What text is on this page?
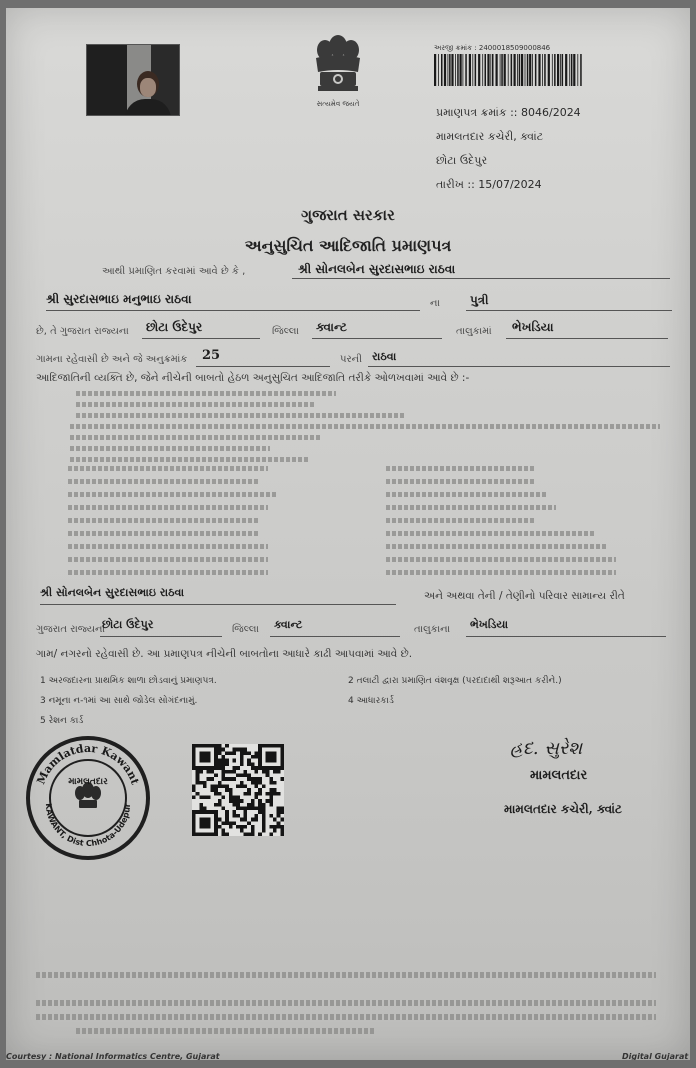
સત્યમેવ જયતે
અરજી ક્રમાંક : 2400018509000846
પ્રમાણપત્ર ક્રમાંક :: 8046/2024
મામલતદાર કચેરી, ક્વાંટ
છોટા ઉદેપુર
તારીખ :: 15/07/2024
ગુજરાત સરકાર
અનુસુચિત આદિજાતિ પ્રમાણપત્ર
આથી પ્રમાણિત કરવામાં આવે છે કે ,	શ્રી સોનલબેન સુરદાસભાઇ રાઠવા
શ્રી સુરદાસભાઇ મનુભાઇ રાઠવા	ના	પુત્રી
છે, તે ગુજરાત રાજ્યના છોટા ઉદેપુર	જિલ્લા ક્વાન્ટ	તાલુકામાં ભેખડિયા
ગામના રહેવાસી છે અને જે અનુક્રમાંક 25	પરની રાઠવા
આદિજાતિની વ્યક્તિ છે, જેને નીચેની બાબતો હેઠળ અનુસુચિત આદિજાતિ તરીકે ઓળખવામાં આવે છે :-
શ્રી સોનલબેન સુરદાસભાઇ રાઠવા	અને અથવા તેની / તેણીનો પરિવાર સામાન્ય રીતે
ગુજરાત રાજ્યના
છોટા ઉદેપુર	જિલ્લા ક્વાન્ટ	તાલુકાના ભેખડિયા
ગામ/ નગરનો રહેવાસી છે. આ પ્રમાણપત્ર નીચેની બાબતોના આધારે કાઢી આપવામાં આવે છે.
1 અરજદારના પ્રાથમિક શાળા છોડવાનું પ્રમાણપત્ર.	2 તલાટી દ્વારા પ્રમાણિત વંશવૃક્ષ (પરદાદાથી શરૂઆત કરીને.)
3 નમૂના ન-૧માં આ સાથે જોડેલ સોગંદનામું.	4 આધારકાર્ડ
5 રેશન કાર્ડ
હ્રદ. સુરેશ
મામલતદાર
મામલતદાર કચેરી, ક્વાંટ
Mamlatdar Kawant
KAWANT, Dist Chhota-Udepur
મામલતદાર
Courtesy : National Informatics Centre, Gujarat	Digital Gujarat
